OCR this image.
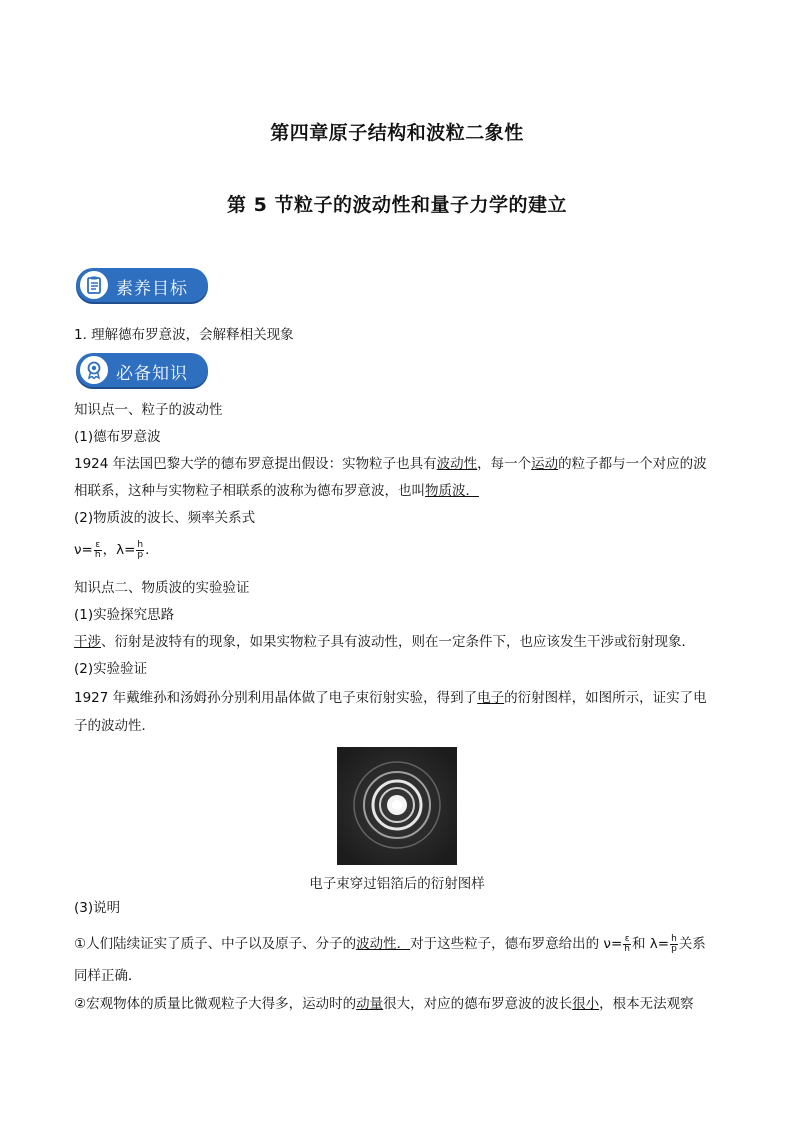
第四章原子结构和波粒二象性
第 5 节粒子的波动性和量子力学的建立
素养目标
1. 理解德布罗意波，会解释相关现象
必备知识
知识点一、粒子的波动性
(1)德布罗意波
1924 年法国巴黎大学的德布罗意提出假设：实物粒子也具有波动性，每一个运动的粒子都与一个对应的波
相联系，这种与实物粒子相联系的波称为德布罗意波，也叫物质波．
(2)物质波的波长、频率关系式
$\nu= \frac{\varepsilon}{h}$ ，$\lambda= \frac{h}{p}$ .
知识点二、物质波的实验验证
(1)实验探究思路
干涉、衍射是波特有的现象，如果实物粒子具有波动性，则在一定条件下，也应该发生干涉或衍射现象．
(2)实验验证
1927 年戴维孙和汤姆孙分别利用晶体做了电子束衍射实验，得到了电子的衍射图样，如图所示，证实了电
子的波动性．
电子束穿过铝箔后的衍射图样
(3)说明
①人们陆续证实了质子、中子以及原子、分子的波动性．对于这些粒子，德布罗意给出的 $\nu= \frac{\varepsilon}{h}$ 和 $\lambda= \frac{h}{p}$ 关系
同样正确．
②宏观物体的质量比微观粒子大得多，运动时的动量很大，对应的德布罗意波的波长很小，根本无法观察
